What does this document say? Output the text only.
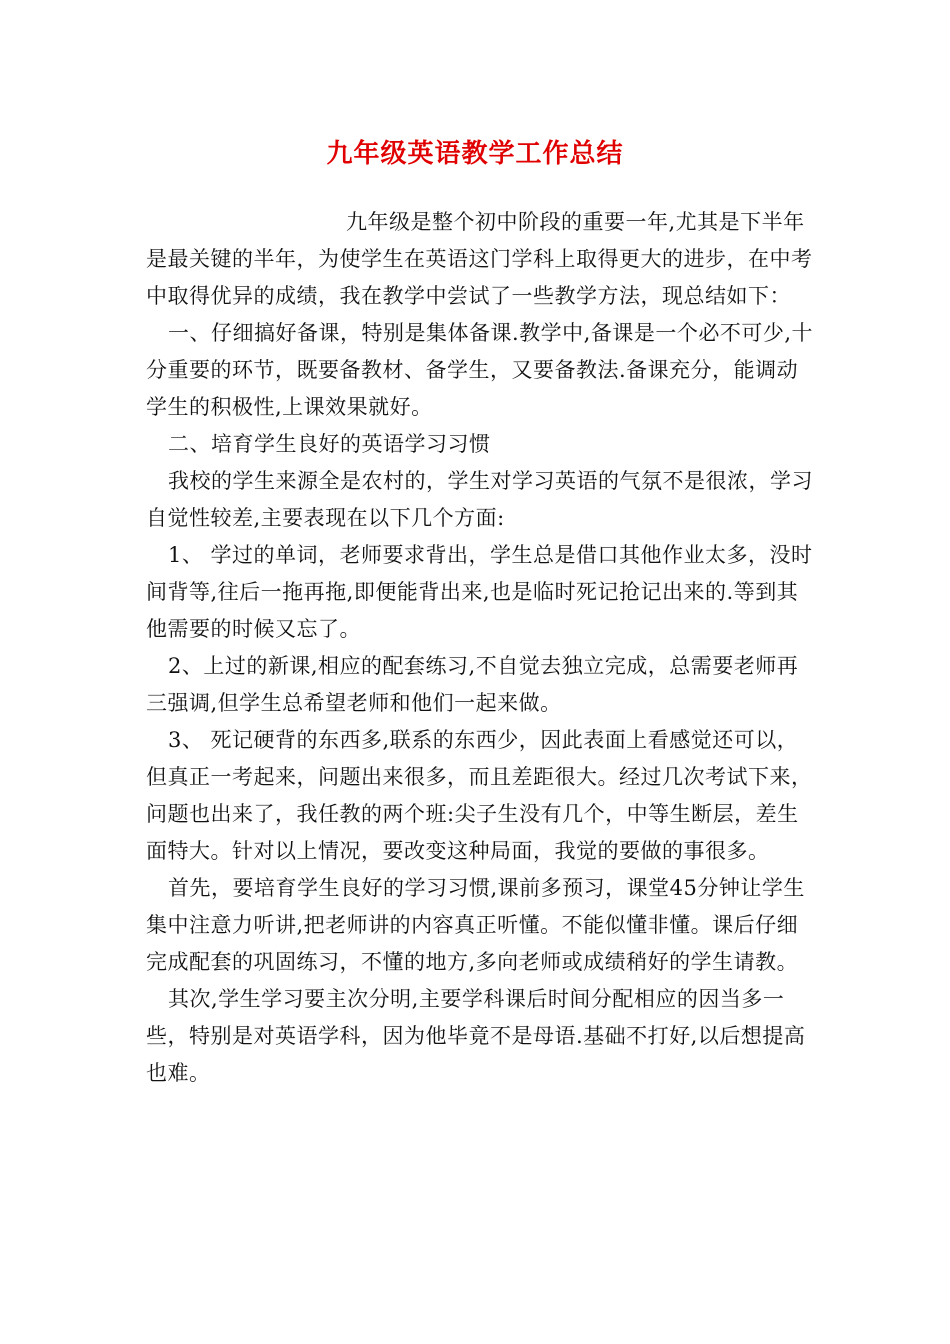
九年级英语教学工作总结

九年级是整个初中阶段的重要一年,尤其是下半年是最关键的半年，为使学生在英语这门学科上取得更大的进步，在中考中取得优异的成绩，我在教学中尝试了一些教学方法，现总结如下：

一、仔细搞好备课，特别是集体备课.教学中,备课是一个必不可少,十分重要的环节，既要备教材、备学生，又要备教法.备课充分，能调动学生的积极性,上课效果就好。

二、培育学生良好的英语学习习惯

我校的学生来源全是农村的，学生对学习英语的气氛不是很浓，学习自觉性较差,主要表现在以下几个方面:

1、 学过的单词，老师要求背出，学生总是借口其他作业太多，没时间背等,往后一拖再拖,即便能背出来,也是临时死记抢记出来的.等到其他需要的时候又忘了。

2、上过的新课,相应的配套练习,不自觉去独立完成，总需要老师再三强调,但学生总希望老师和他们一起来做。

3、 死记硬背的东西多,联系的东西少，因此表面上看感觉还可以，但真正一考起来，问题出来很多，而且差距很大。经过几次考试下来，问题也出来了，我任教的两个班:尖子生没有几个，中等生断层，差生面特大。针对以上情况，要改变这种局面，我觉的要做的事很多。

首先，要培育学生良好的学习习惯,课前多预习，课堂45分钟让学生集中注意力听讲,把老师讲的内容真正听懂。不能似懂非懂。课后仔细完成配套的巩固练习，不懂的地方,多向老师或成绩稍好的学生请教。

其次,学生学习要主次分明,主要学科课后时间分配相应的因当多一些，特别是对英语学科，因为他毕竟不是母语.基础不打好,以后想提高也难。
